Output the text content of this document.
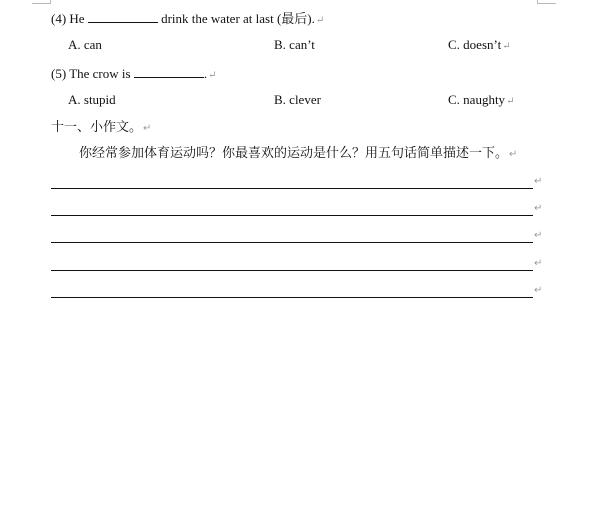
(4) He	drink the water at last (最后).↵
A. can	B. can’t	C. doesn’t↵
(5) The crow is	.↵
A. stupid	B. clever	C. naughty↵
十一、小作文。↵
你经常参加体育运动吗？你最喜欢的运动是什么？用五句话简单描述一下。↵
↵
↵
↵
↵
↵
